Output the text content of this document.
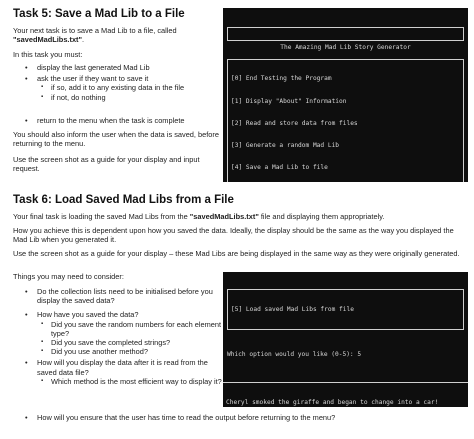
Task 5: Save a Mad Lib to a File
Your next task is to save a Mad Lib to a file, called "savedMadLibs.txt".
In this task you must:
• display the last generated Mad Lib
• ask the user if they want to save it
▪ if so, add it to any existing data in the file
▪ if not, do nothing
• return to the menu when the task is complete
You should also inform the user when the data is saved, before returning to the menu.
Use the screen shot as a guide for your display and input request.

The Amazing Mad Lib Story Generator

[0] End Testing the Program

[1] Display "About" Information

[2] Read and store data from files

[3] Generate a random Mad Lib

[4] Save a Mad Lib to file

Task 6: Load Saved Mad Libs from a File
Your final task is loading the saved Mad Libs from the "savedMadLibs.txt" file and displaying them appropriately.
How you achieve this is dependent upon how you saved the data. Ideally, the display should be the same as the way you displayed the Mad Lib when you generated it.
Use the screen shot as a guide for your display – these Mad Libs are being displayed in the same way as they were originally generated.
Things you may need to consider:
• Do the collection lists need to be initialised before you display the saved data?
• How have you saved the data?
▪ Did you save the random numbers for each element type?
▪ Did you save the completed strings?
▪ Did you use another method?
• How will you display the data after it is read from the saved data file?
▪ Which method is the most efficient way to display it?
• How will you ensure that the user has time to read the output before returning to the menu?

[5] Load saved Mad Libs from file

Which option would you like (0-5): 5

Cheryl smoked the giraffe and began to change into a car!
